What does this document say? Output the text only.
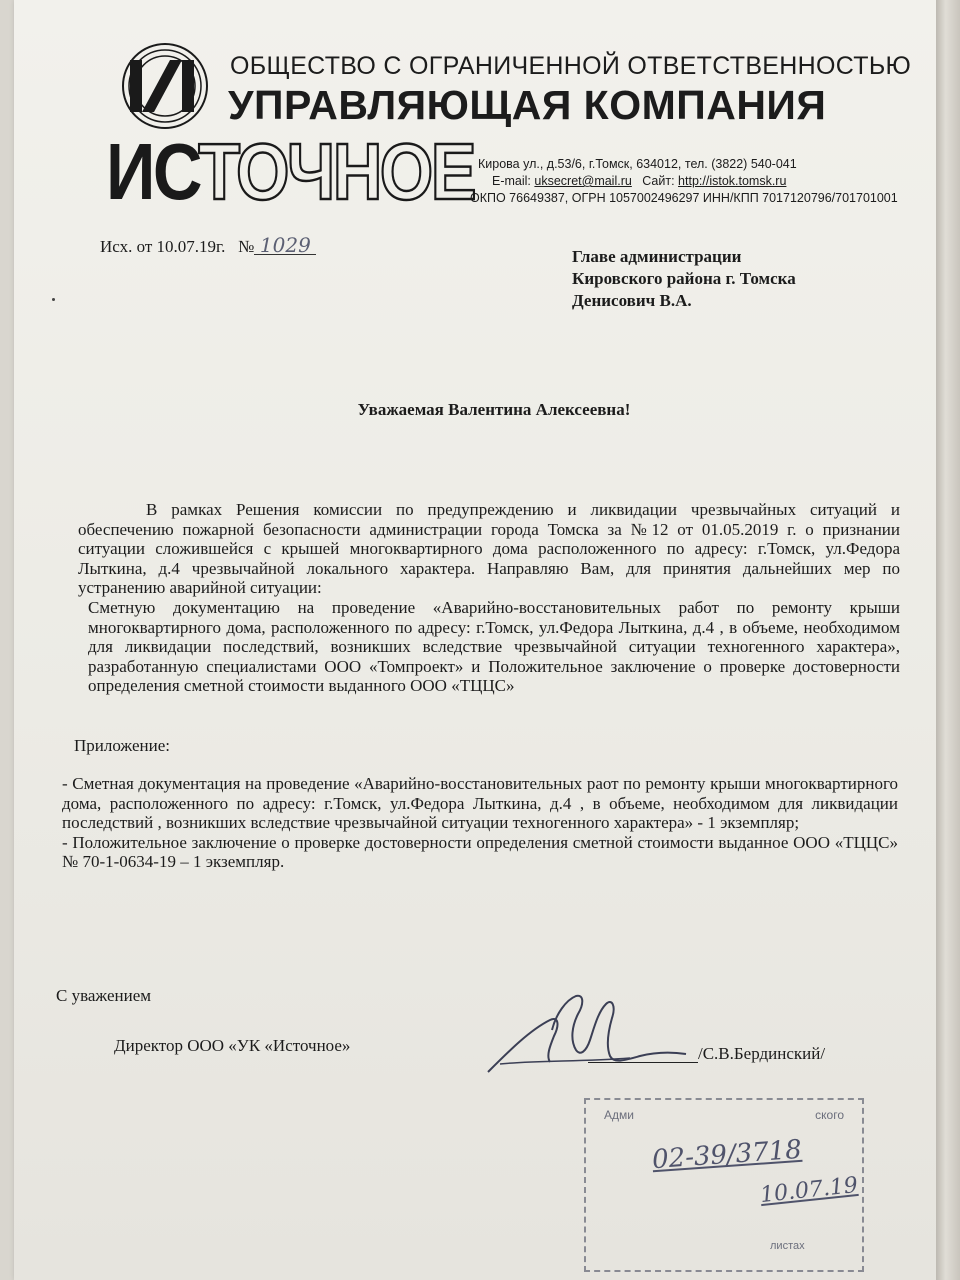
ИСТОЧНОЕ
ОБЩЕСТВО С ОГРАНИЧЕННОЙ ОТВЕТСТВЕННОСТЬЮ
УПРАВЛЯЮЩАЯ КОМПАНИЯ
Кирова ул., д.53/6, г.Томск, 634012, тел. (3822) 540-041
E-mail: uksecret@mail.ru Сайт: http://istok.tomsk.ru
ОКПО 76649387, ОГРН 1057002496297 ИНН/КПП 7017120796/701701001
Исх. от 10.07.19г. № 1029	Главе администрации
Кировского района г. Томска
Денисович В.А.
Уважаемая Валентина Алексеевна!

В рамках Решения комиссии по предупреждению и ликвидации чрезвычайных ситуаций и обеспечению пожарной безопасности администрации города Томска за №12 от 01.05.2019 г. о признании ситуации сложившейся с крышей многоквартирного дома расположенного по адресу: г.Томск, ул.Федора Лыткина, д.4 чрезвычайной локального характера. Направляю Вам, для принятия дальнейших мер по устранению аварийной ситуации:

Сметную документацию на проведение «Аварийно-восстановительных работ по ремонту крыши многоквартирного дома, расположенного по адресу: г.Томск, ул.Федора Лыткина, д.4 , в объеме, необходимом для ликвидации последствий, возникших вследствие чрезвычайной ситуации техногенного характера», разработанную специалистами ООО «Томпроект» и Положительное заключение о проверке достоверности определения сметной стоимости выданного ООО «ТЦЦС»

Приложение:

- Сметная документация на проведение «Аварийно-восстановительных раот по ремонту крыши многоквартирного дома, расположенного по адресу: г.Томск, ул.Федора Лыткина, д.4 , в объеме, необходимом для ликвидации последствий , возникших вследствие чрезвычайной ситуации техногенного характера» - 1 экземпляр;

- Положительное заключение о проверке достоверности определения сметной стоимости выданное ООО «ТЦЦС» № 70-1-0634-19 – 1 экземпляр.

С уважением
Директор ООО «УК «Источное»	/С.В.Бердинский/
Адми	ского
02-39/3718
10.07.19
листах
